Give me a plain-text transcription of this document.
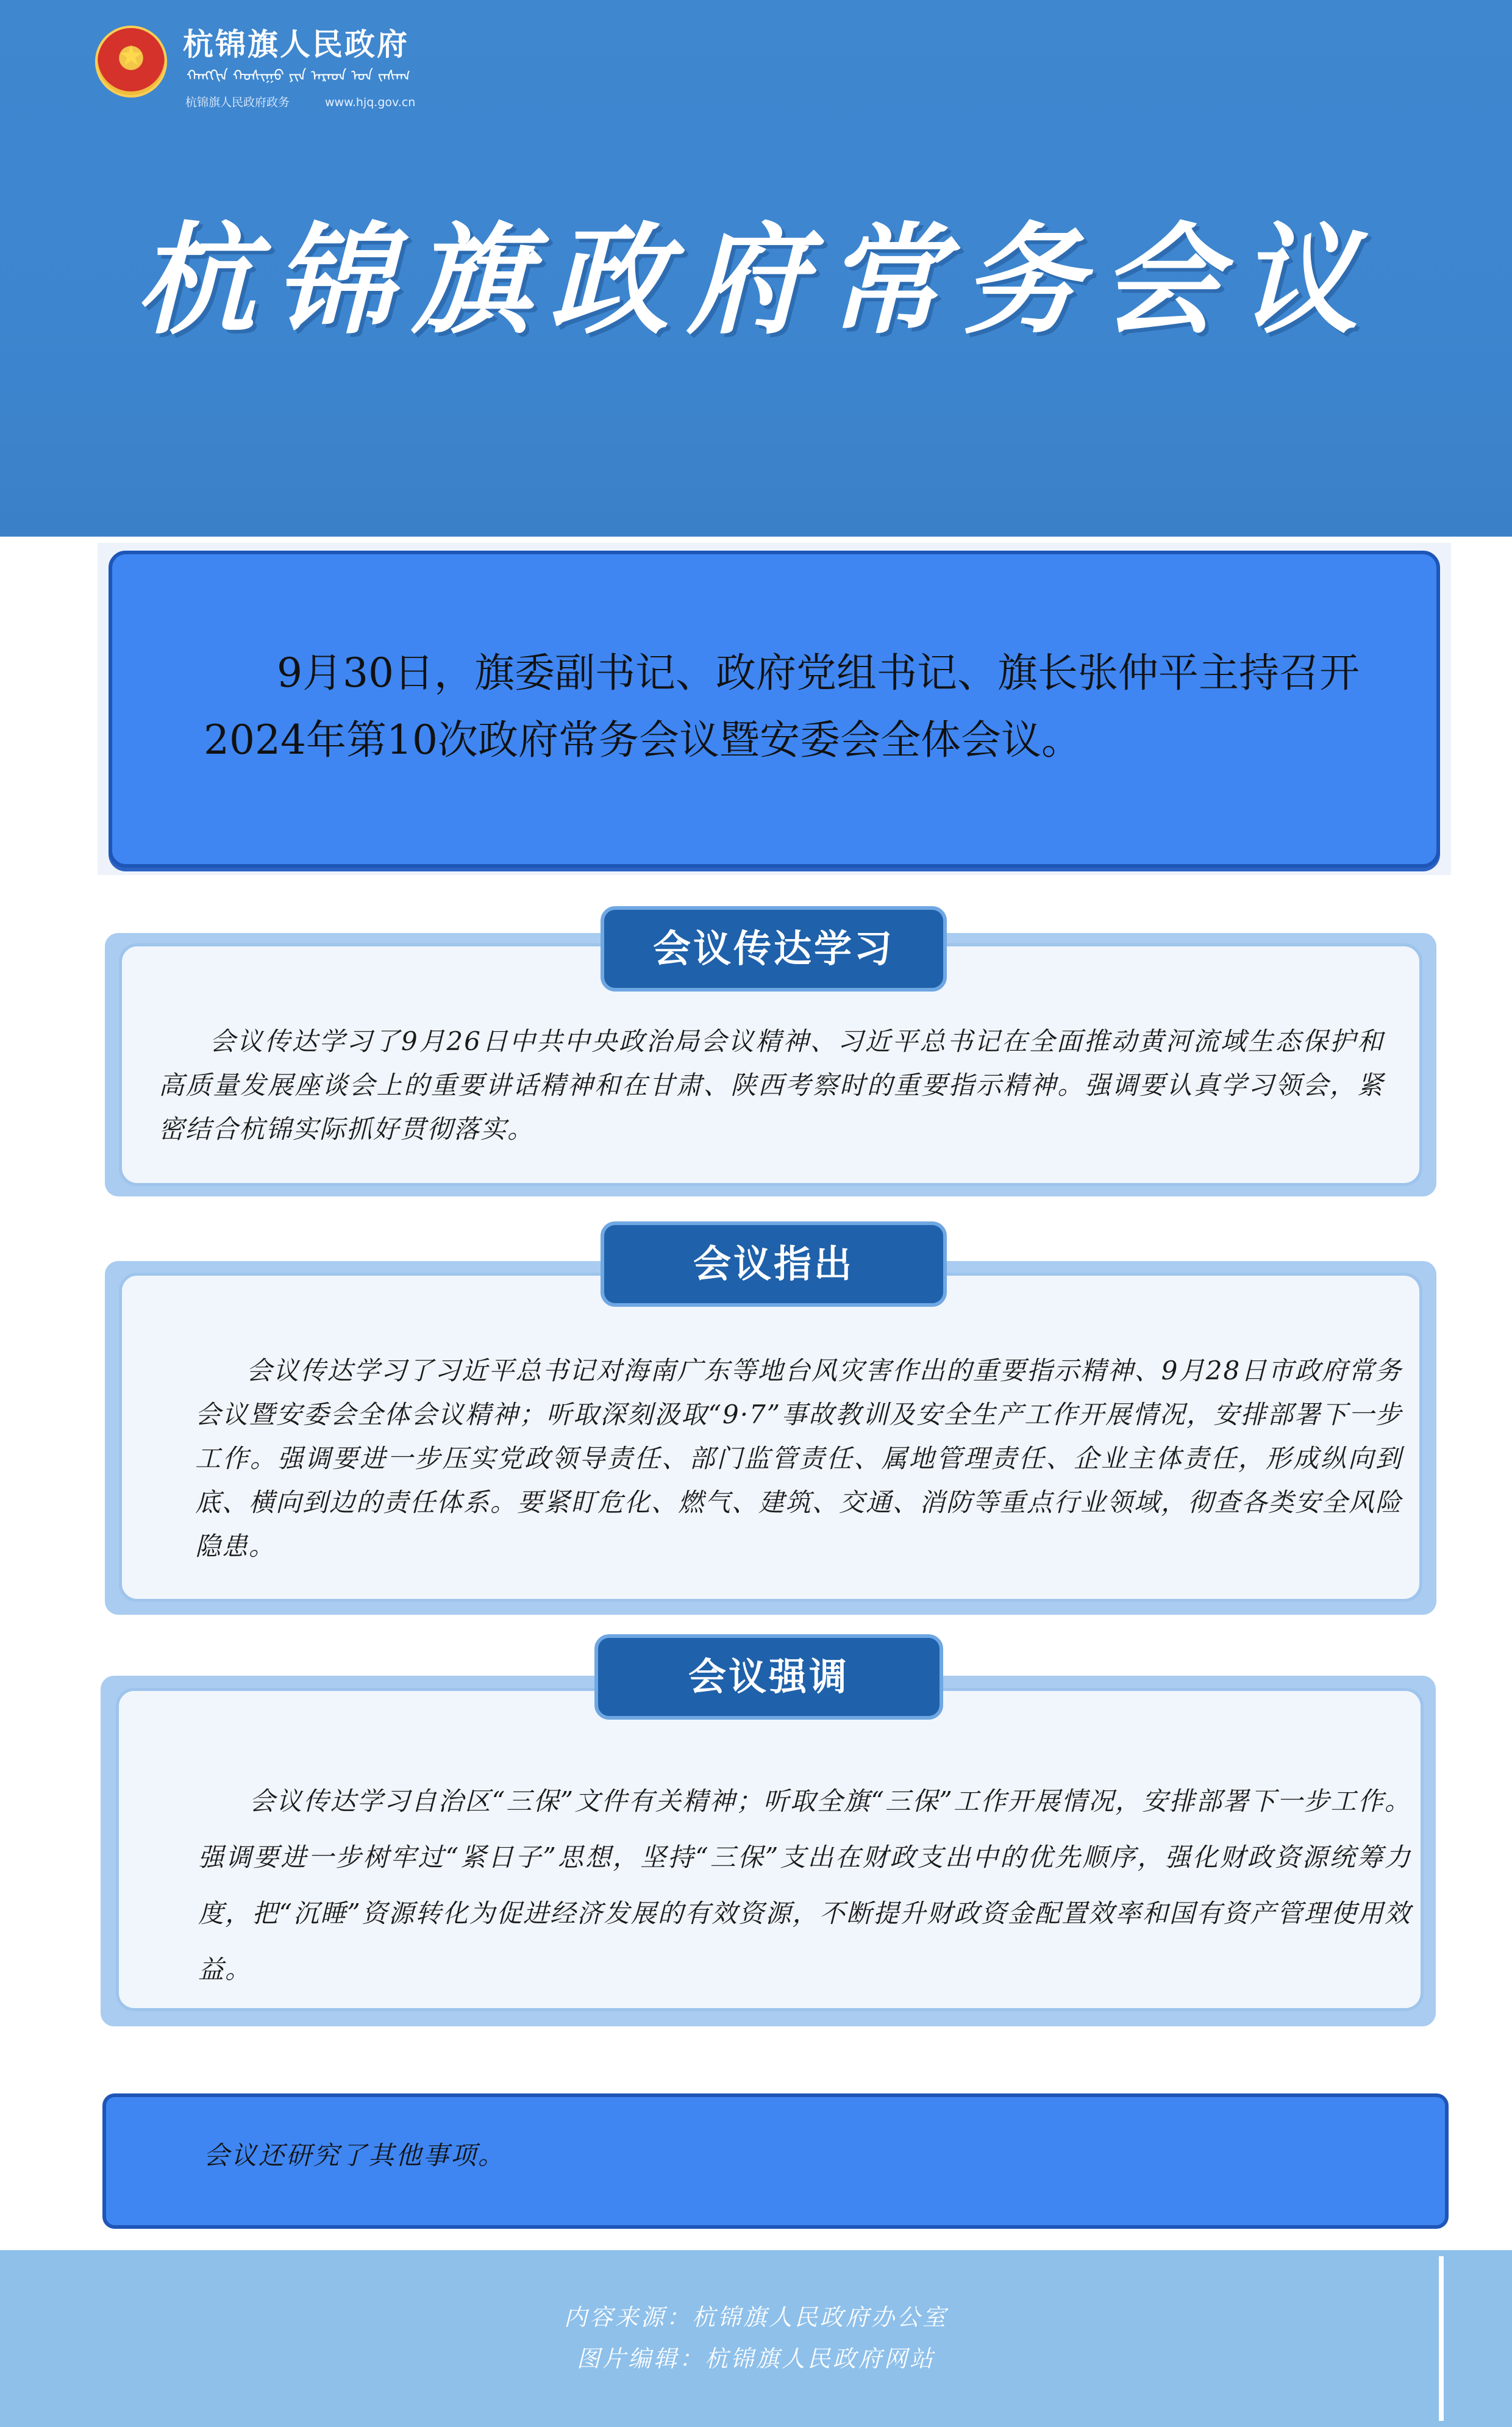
★
杭锦旗人民政府
ᠬᠠᠩᠭᠢᠨ ᠬᠣᠰᠢᠭᠤ ᠶᠢᠨ ᠠᠷᠠᠳ ᠤᠨ ᠵᠠᠰᠠᠭ
杭锦旗人民政府政务	www.hjq.gov.cn
杭锦旗政府常务会议
9月30日，旗委副书记、政府党组书记、旗长张仲平主持召开2024年第10次政府常务会议暨安委会全体会议。
会议传达学习了9月26日中共中央政治局会议精神、习近平总书记在全面推动黄河流域生态保护和高质量发展座谈会上的重要讲话精神和在甘肃、陕西考察时的重要指示精神。强调要认真学习领会，紧密结合杭锦实际抓好贯彻落实。
会议传达学习
会议传达学习了习近平总书记对海南广东等地台风灾害作出的重要指示精神、9月28日市政府常务会议暨安委会全体会议精神；听取深刻汲取“9·7”事故教训及安全生产工作开展情况，安排部署下一步工作。强调要进一步压实党政领导责任、部门监管责任、属地管理责任、企业主体责任，形成纵向到底、横向到边的责任体系。要紧盯危化、燃气、建筑、交通、消防等重点行业领域，彻查各类安全风险隐患。
会议指出
会议传达学习自治区“三保”文件有关精神；听取全旗“三保”工作开展情况，安排部署下一步工作。强调要进一步树牢过“紧日子”思想，坚持“三保”支出在财政支出中的优先顺序，强化财政资源统筹力度，把“沉睡”资源转化为促进经济发展的有效资源，不断提升财政资金配置效率和国有资产管理使用效益。
会议强调
会议还研究了其他事项。
内容来源：杭锦旗人民政府办公室
图片编辑：杭锦旗人民政府网站
